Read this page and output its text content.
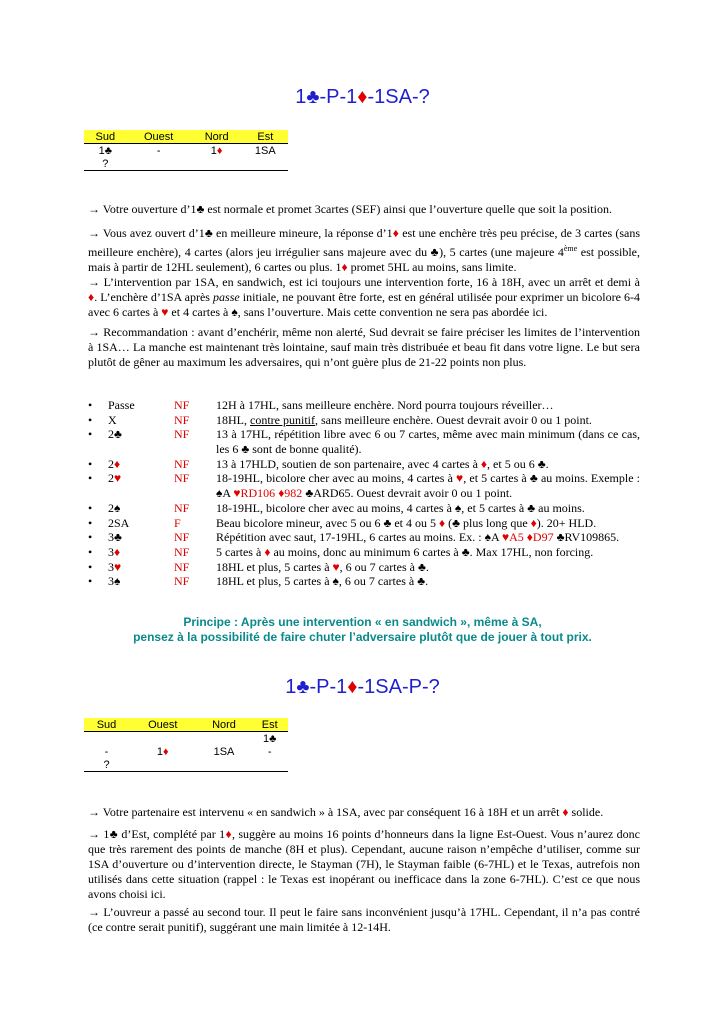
1♣-P-1♦-1SA-?
Sud	Ouest	Nord	Est
1♣	-	1♦	1SA
?			

→ Votre ouverture d’1♣ est normale et promet 3cartes (SEF) ainsi que l’ouverture quelle que soit la position.

→ Vous avez ouvert d’1♣ en meilleure mineure, la réponse d’1♦ est une enchère très peu précise, de 3 cartes (sans meilleure enchère), 4 cartes (alors jeu irrégulier sans majeure avec du ♣), 5 cartes (une majeure 4ème est possible, mais à partir de 12HL seulement), 6 cartes ou plus. 1♦ promet 5HL au moins, sans limite.

→ L’intervention par 1SA, en sandwich, est ici toujours une intervention forte, 16 à 18H, avec un arrêt et demi à ♦. L’enchère d’1SA après passe initiale, ne pouvant être forte, est en général utilisée pour exprimer un bicolore 6-4 avec 6 cartes à ♥ et 4 cartes à ♠, sans l’ouverture. Mais cette convention ne sera pas abordée ici.

→ Recommandation : avant d’enchérir, même non alerté, Sud devrait se faire préciser les limites de l’intervention à 1SA… La manche est maintenant très lointaine, sauf main très distribuée et beau fit dans votre ligne. Le but sera plutôt de gêner au maximum les adversaires, qui n’ont guère plus de 21-22 points non plus.

• Passe	NF 12H à 17HL, sans meilleure enchère. Nord pourra toujours réveiller…
• X	NF 18HL, contre punitif, sans meilleure enchère. Ouest devrait avoir 0 ou 1 point.
• 2♣	NF 13 à 17HL, répétition libre avec 6 ou 7 cartes, même avec main minimum (dans ce cas, les 6 ♣ sont de bonne qualité).
• 2♦	NF 13 à 17HLD, soutien de son partenaire, avec 4 cartes à ♦, et 5 ou 6 ♣.
• 2♥	NF 18-19HL, bicolore cher avec au moins, 4 cartes à ♥, et 5 cartes à ♣ au moins. Exemple : ♠A ♥RD106 ♦982 ♣ARD65. Ouest devrait avoir 0 ou 1 point.
• 2♠	NF 18-19HL, bicolore cher avec au moins, 4 cartes à ♠, et 5 cartes à ♣ au moins.
• 2SA	F	Beau bicolore mineur, avec 5 ou 6 ♣ et 4 ou 5 ♦ (♣ plus long que ♦). 20+ HLD.
• 3♣	NF Répétition avec saut, 17-19HL, 6 cartes au moins. Ex. : ♠A ♥A5 ♦D97 ♣RV109865.
• 3♦	NF 5 cartes à ♦ au moins, donc au minimum 6 cartes à ♣. Max 17HL, non forcing.
• 3♥	NF 18HL et plus, 5 cartes à ♥, 6 ou 7 cartes à ♣.
• 3♠	NF 18HL et plus, 5 cartes à ♠, 6 ou 7 cartes à ♣.
Principe : Après une intervention « en sandwich », même à SA,
pensez à la possibilité de faire chuter l’adversaire plutôt que de jouer à tout prix.
1♣-P-1♦-1SA-P-?
Sud	Ouest	Nord	Est
			1♣
-	1♦	1SA	-
?			

→ Votre partenaire est intervenu « en sandwich » à 1SA, avec par conséquent 16 à 18H et un arrêt ♦ solide.

→ 1♣ d’Est, complété par 1♦, suggère au moins 16 points d’honneurs dans la ligne Est-Ouest. Vous n’aurez donc que très rarement des points de manche (8H et plus). Cependant, aucune raison n’empêche d’utiliser, comme sur 1SA d’ouverture ou d’intervention directe, le Stayman (7H), le Stayman faible (6-7HL) et le Texas, autrefois non utilisés dans cette situation (rappel : le Texas est inopérant ou inefficace dans la zone 6-7HL). C’est ce que nous avons choisi ici.

→ L’ouvreur a passé au second tour. Il peut le faire sans inconvénient jusqu’à 17HL. Cependant, il n’a pas contré (ce contre serait punitif), suggérant une main limitée à 12-14H.
